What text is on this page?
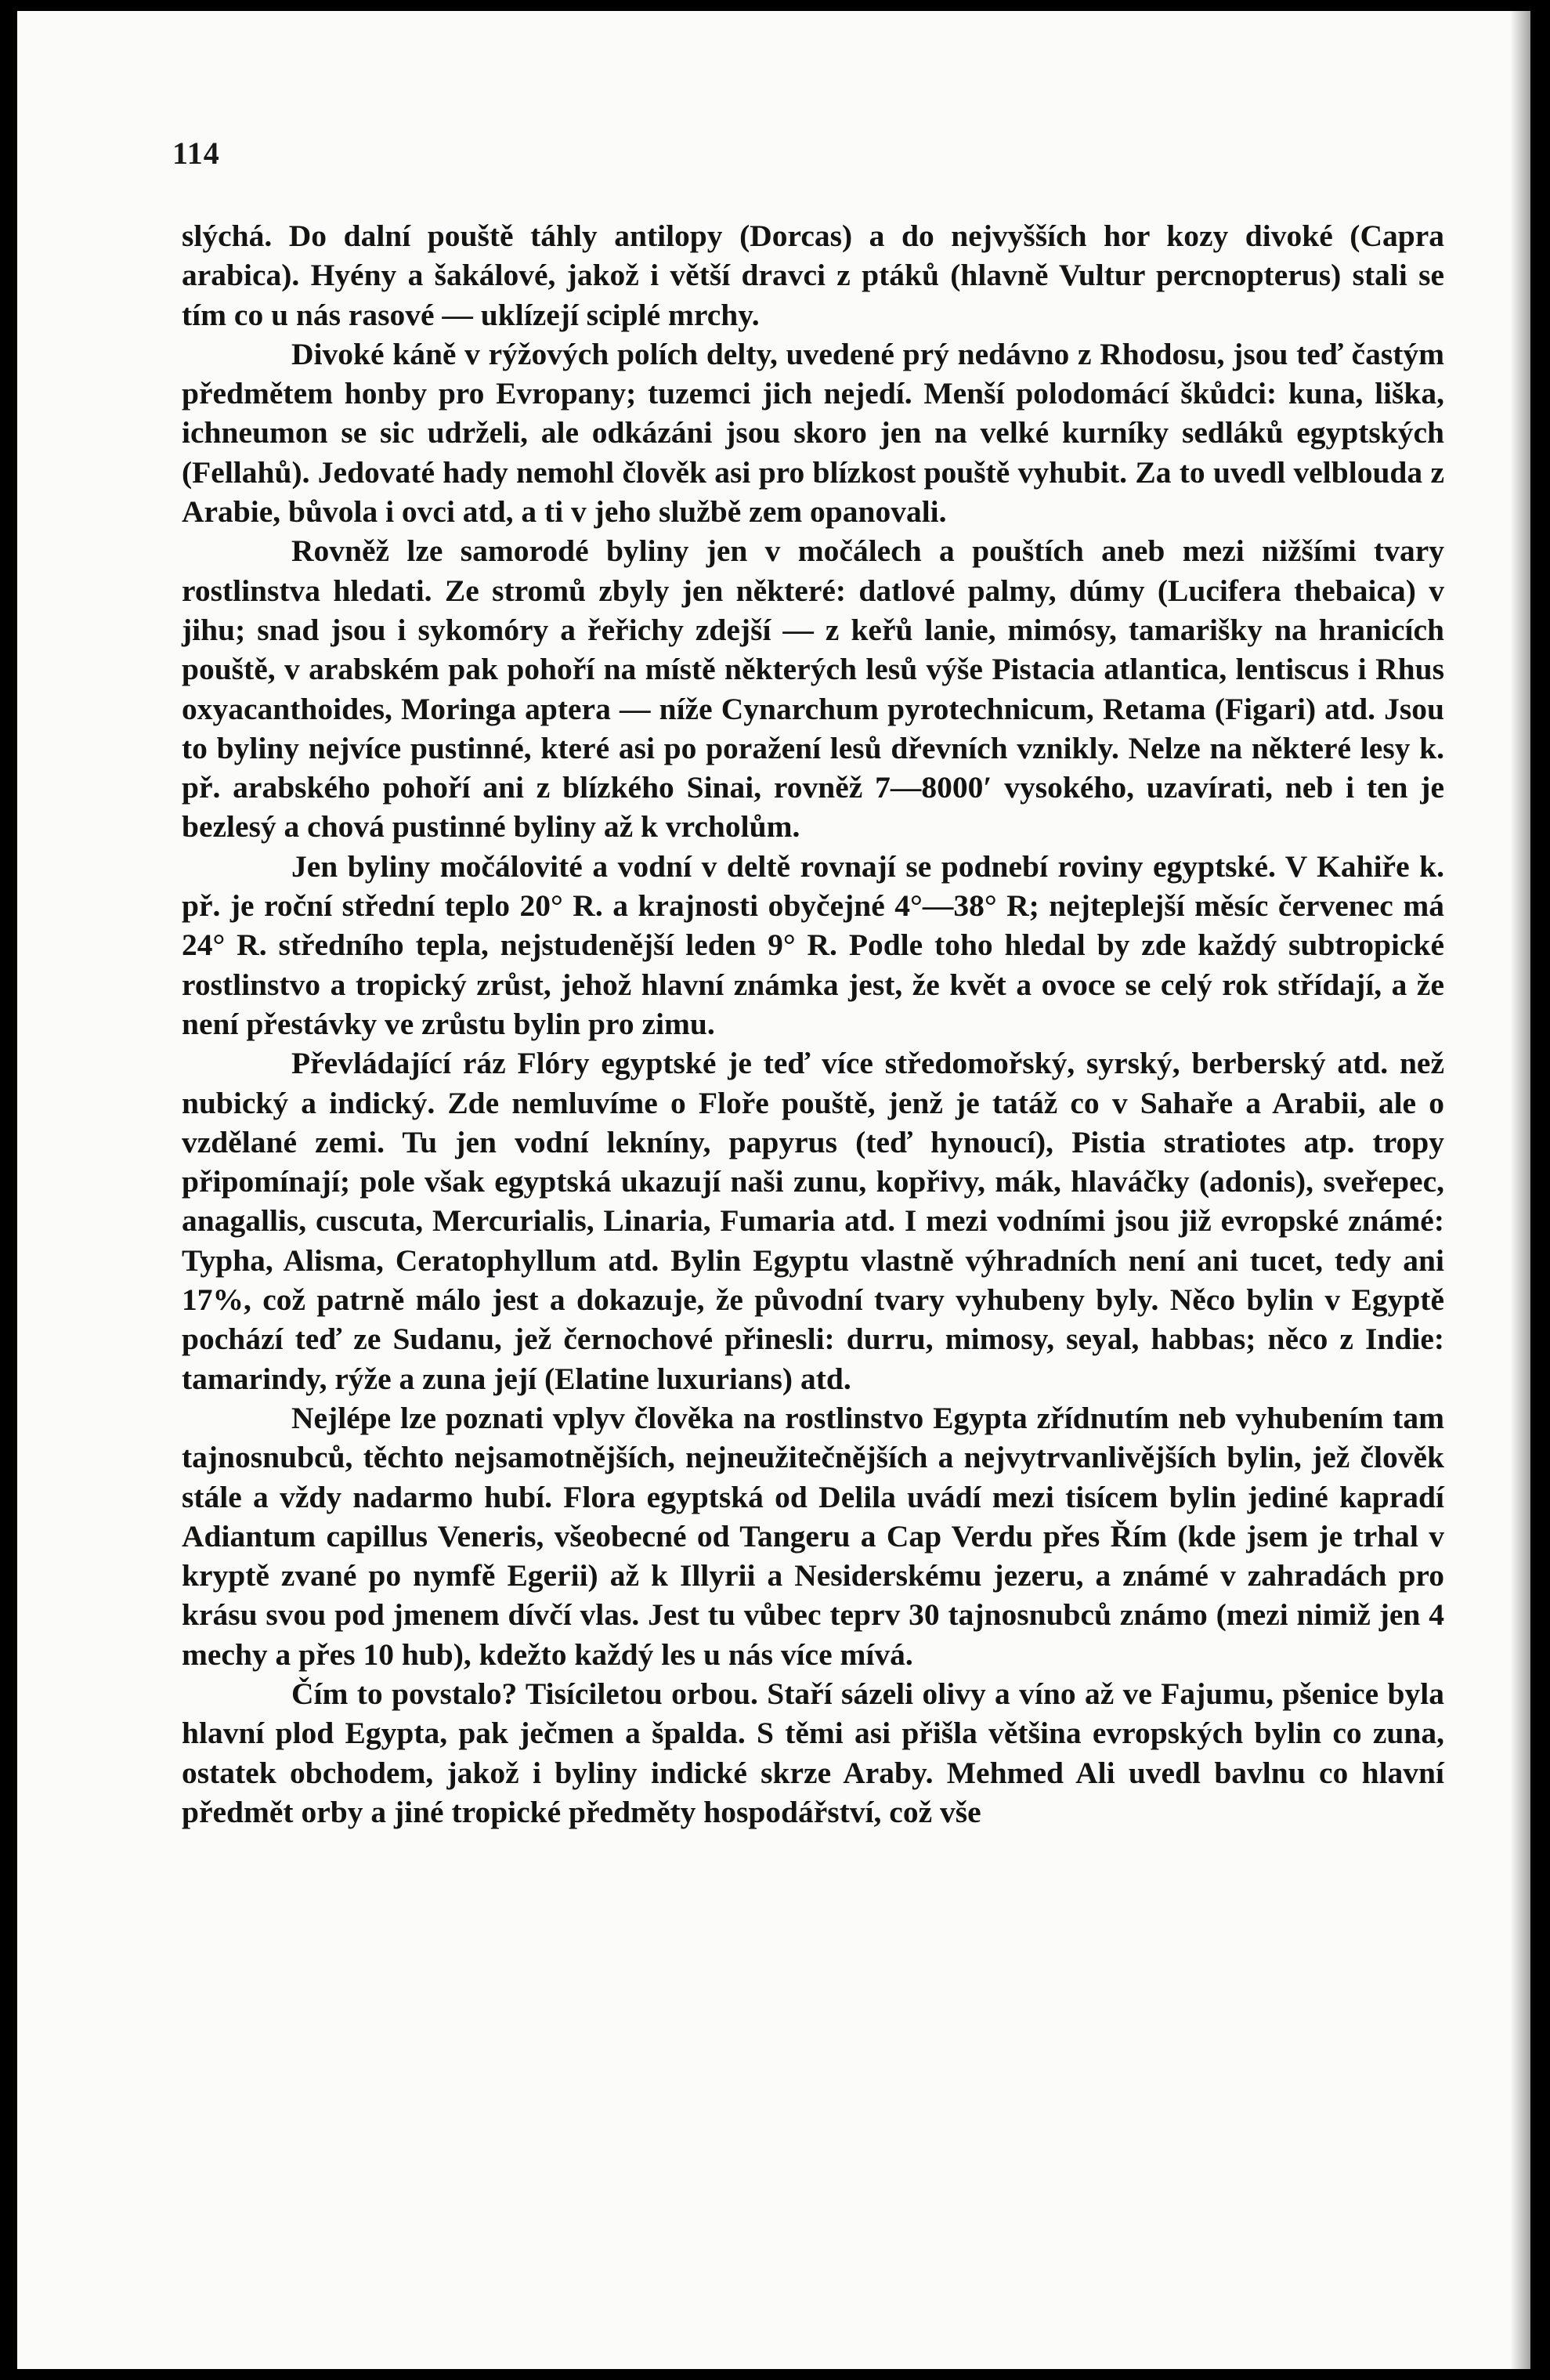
114

slýchá. Do dalní pouště táhly antilopy (Dorcas) a do nejvyšších hor kozy divoké (Capra arabica). Hyény a šakálové, jakož i větší dravci z ptáků (hlavně Vultur percnopterus) stali se tím co u nás rasové — uklízejí sciplé mrchy.

Divoké káně v rýžových polích delty, uvedené prý nedávno z Rhodosu, jsou teď častým předmětem honby pro Evropany; tuzemci jich nejedí. Menší polodomácí škůdci: kuna, liška, ichneumon se sic udrželi, ale odkázáni jsou skoro jen na velké kurníky sedláků egyptských (Fellahů). Jedovaté hady nemohl člověk asi pro blízkost pouště vyhubit. Za to uvedl velblouda z Arabie, bůvola i ovci atd, a ti v jeho službě zem opanovali.

Rovněž lze samorodé byliny jen v močálech a pouštích aneb mezi nižšími tvary rostlinstva hledati. Ze stromů zbyly jen některé: datlové palmy, dúmy (Lucifera thebaica) v jihu; snad jsou i sykomóry a řeřichy zdejší — z keřů lanie, mimósy, tamarišky na hranicích pouště, v arabském pak pohoří na místě některých lesů výše Pistacia atlantica, lentiscus i Rhus oxyacanthoides, Moringa aptera — níže Cynarchum pyrotechnicum, Retama (Figari) atd. Jsou to byliny nejvíce pustinné, které asi po poražení lesů dřevních vznikly. Nelze na některé lesy k. př. arabského pohoří ani z blízkého Sinai, rovněž 7—8000′ vysokého, uzavírati, neb i ten je bezlesý a chová pustinné byliny až k vrcholům.

Jen byliny močálovité a vodní v deltě rovnají se podnebí roviny egyptské. V Kahiře k. př. je roční střední teplo 20° R. a krajnosti obyčejné 4°—38° R; nejteplejší měsíc červenec má 24° R. středního tepla, nejstudenější leden 9° R. Podle toho hledal by zde každý subtropické rostlinstvo a tropický zrůst, jehož hlavní známka jest, že květ a ovoce se celý rok střídají, a že není přestávky ve zrůstu bylin pro zimu.

Převládající ráz Flóry egyptské je teď více středomořský, syrský, berberský atd. než nubický a indický. Zde nemluvíme o Floře pouště, jenž je tatáž co v Sahaře a Arabii, ale o vzdělané zemi. Tu jen vodní lekníny, papyrus (teď hynoucí), Pistia stratiotes atp. tropy připomínají; pole však egyptská ukazují naši zunu, kopřivy, mák, hlaváčky (adonis), sveřepec, anagallis, cuscuta, Mercurialis, Linaria, Fumaria atd. I mezi vodními jsou již evropské známé: Typha, Alisma, Ceratophyllum atd. Bylin Egyptu vlastně výhradních není ani tucet, tedy ani 17%, což patrně málo jest a dokazuje, že původní tvary vyhubeny byly. Něco bylin v Egyptě pochází teď ze Sudanu, jež černochové přinesli: durru, mimosy, seyal, habbas; něco z Indie: tamarindy, rýže a zuna její (Elatine luxurians) atd.

Nejlépe lze poznati vplyv člověka na rostlinstvo Egypta zřídnutím neb vyhubením tam tajnosnubců, těchto nejsamotnějších, nejneužitečnějších a nejvytrvanlivějších bylin, jež člověk stále a vždy nadarmo hubí. Flora egyptská od Delila uvádí mezi tisícem bylin jediné kapradí Adiantum capillus Veneris, všeobecné od Tangeru a Cap Verdu přes Řím (kde jsem je trhal v kryptě zvané po nymfě Egerii) až k Illyrii a Nesiderskému jezeru, a známé v zahradách pro krásu svou pod jmenem dívčí vlas. Jest tu vůbec teprv 30 tajnosnubců známo (mezi nimiž jen 4 mechy a přes 10 hub), kdežto každý les u nás více mívá.

Čím to povstalo? Tisíciletou orbou. Staří sázeli olivy a víno až ve Fajumu, pšenice byla hlavní plod Egypta, pak ječmen a špalda. S těmi asi přišla většina evropských bylin co zuna, ostatek obchodem, jakož i byliny indické skrze Araby. Mehmed Ali uvedl bavlnu co hlavní předmět orby a jiné tropické předměty hospodářství, což vše
